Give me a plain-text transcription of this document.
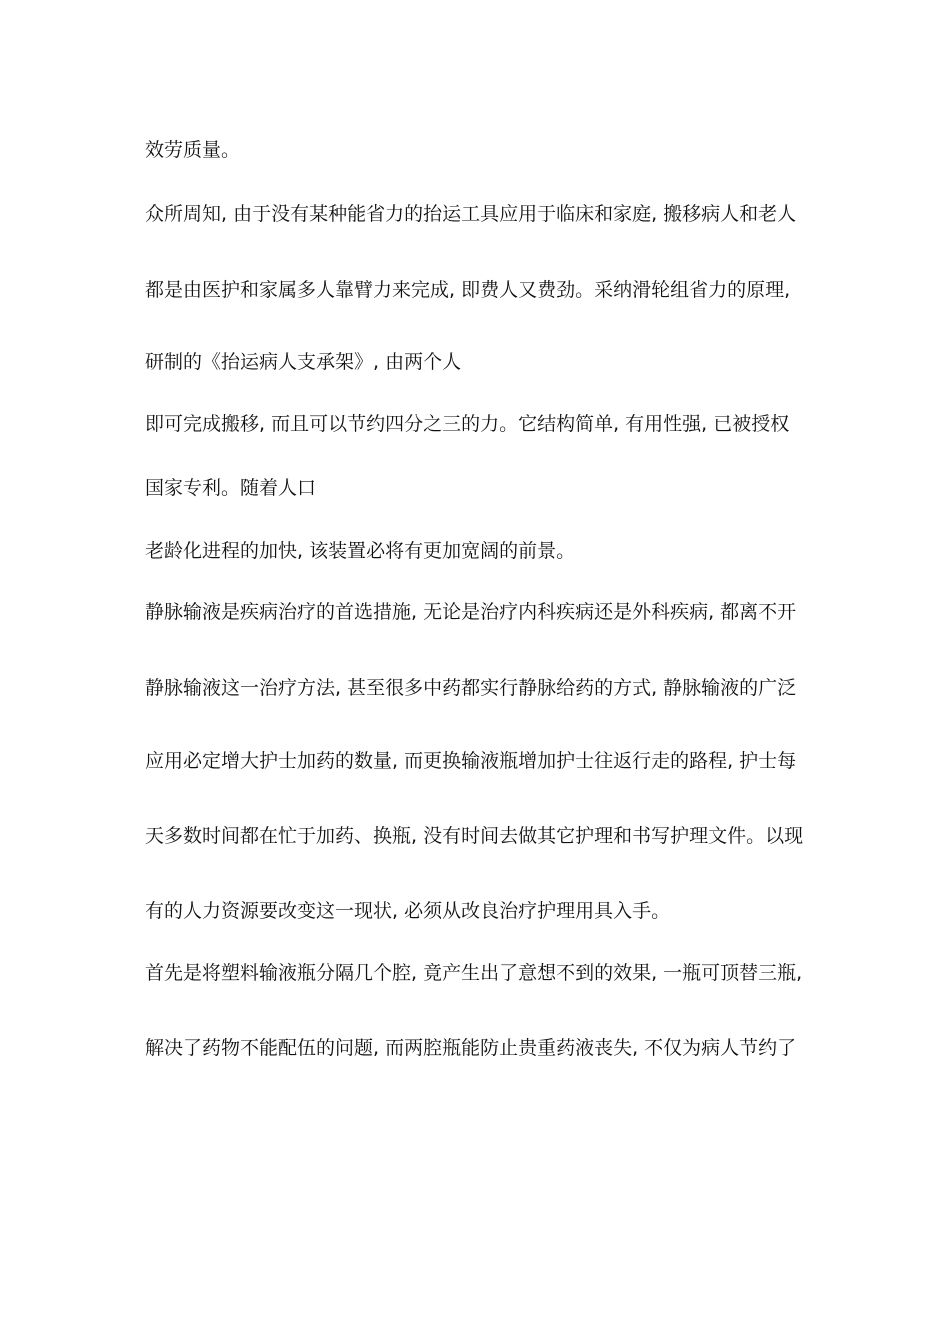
效劳质量。
众所周知, 由于没有某种能省力的抬运工具应用于临床和家庭, 搬移病人和老人
都是由医护和家属多人靠臂力来完成, 即费人又费劲。采纳滑轮组省力的原理,
研制的《抬运病人支承架》, 由两个人
即可完成搬移, 而且可以节约四分之三的力。它结构简单, 有用性强, 已被授权
国家专利。随着人口
老龄化进程的加快, 该装置必将有更加宽阔的前景。
静脉输液是疾病治疗的首选措施, 无论是治疗内科疾病还是外科疾病, 都离不开
静脉输液这一治疗方法, 甚至很多中药都实行静脉给药的方式, 静脉输液的广泛
应用必定增大护士加药的数量, 而更换输液瓶增加护士往返行走的路程, 护士每
天多数时间都在忙于加药、换瓶, 没有时间去做其它护理和书写护理文件。以现
有的人力资源要改变这一现状, 必须从改良治疗护理用具入手。
首先是将塑料输液瓶分隔几个腔, 竟产生出了意想不到的效果, 一瓶可顶替三瓶,
解决了药物不能配伍的问题, 而两腔瓶能防止贵重药液丧失, 不仅为病人节约了
